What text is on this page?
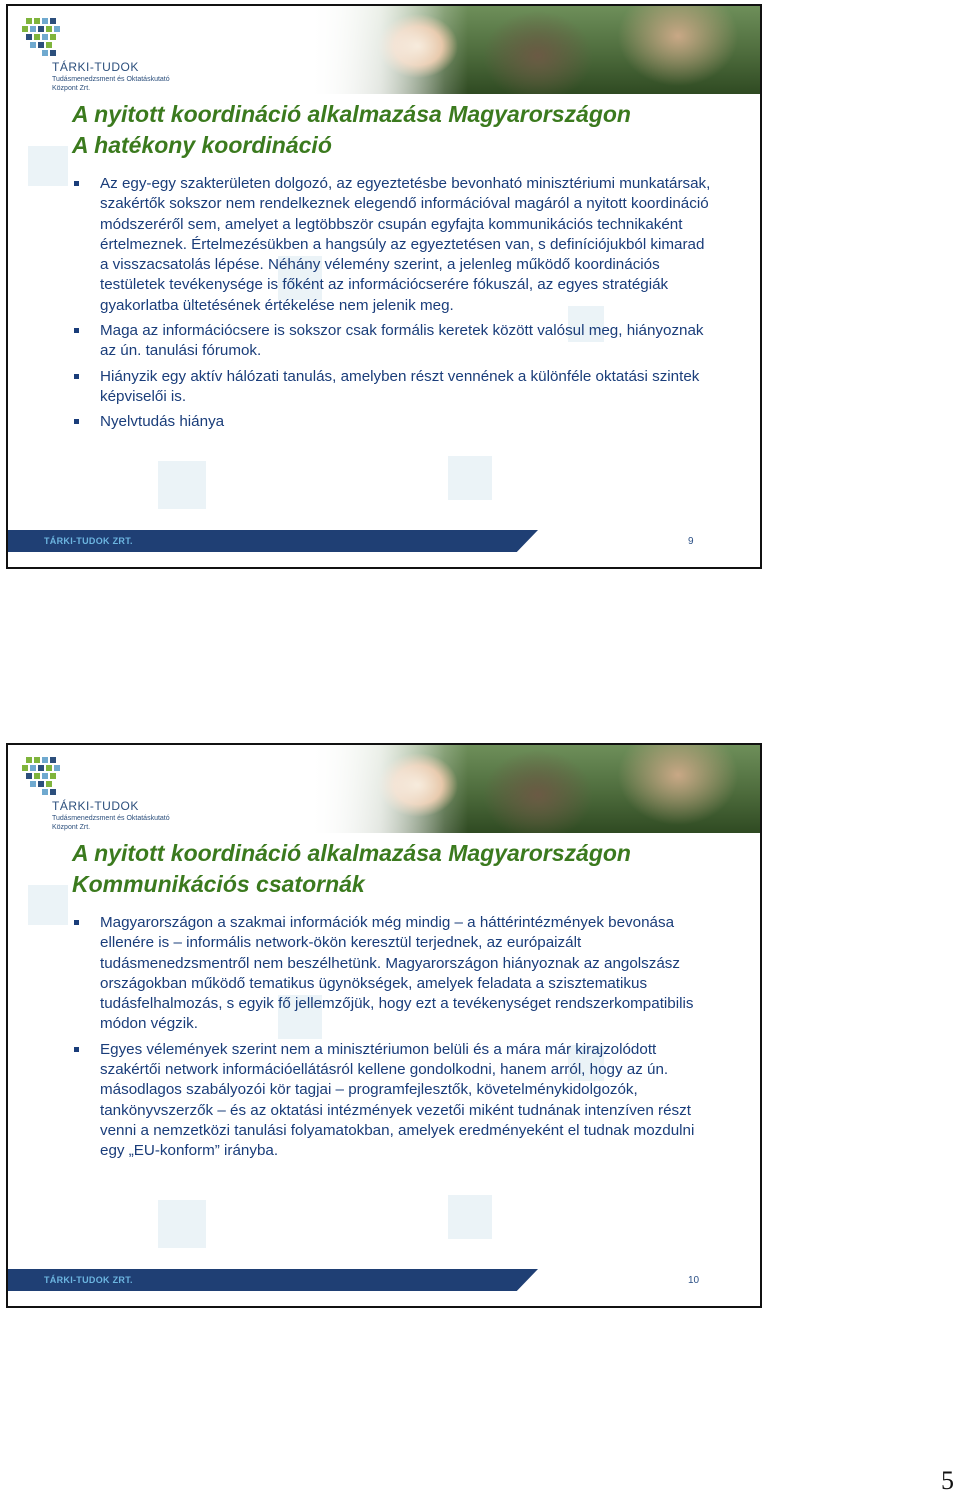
TÁRKI-TUDOK
Tudásmenedzsment és Oktatáskutató Központ Zrt.
A nyitott koordináció alkalmazása Magyarországon
A hatékony koordináció
Az egy-egy szakterületen dolgozó, az egyeztetésbe bevonható minisztériumi munkatársak, szakértők sokszor nem rendelkeznek elegendő információval magáról a nyitott koordináció módszeréről sem, amelyet a legtöbbször csupán egyfajta kommunikációs technikaként értelmeznek. Értelmezésükben a hangsúly az egyeztetésen van, s definíciójukból kimarad a visszacsatolás lépése. Néhány vélemény szerint, a jelenleg működő koordinációs testületek tevékenysége is főként az információcserére fókuszál, az egyes stratégiák gyakorlatba ültetésének értékelése nem jelenik meg.
Maga az információcsere is sokszor csak formális keretek között valósul meg, hiányoznak az ún. tanulási fórumok.
Hiányzik egy aktív hálózati tanulás, amelyben részt vennének a különféle oktatási szintek képviselői is.
Nyelvtudás hiánya
TÁRKI-TUDOK ZRT.	9
TÁRKI-TUDOK
Tudásmenedzsment és Oktatáskutató Központ Zrt.
A nyitott koordináció alkalmazása Magyarországon
Kommunikációs csatornák
Magyarországon a szakmai információk még mindig – a háttérintézmények bevonása ellenére is – informális network-ökön keresztül terjednek, az európaizált tudásmenedzsmentről nem beszélhetünk. Magyarországon hiányoznak az angolszász országokban működő tematikus ügynökségek, amelyek feladata a szisztematikus tudásfelhalmozás, s egyik fő jellemzőjük, hogy ezt a tevékenységet rendszerkompatibilis módon végzik.
Egyes vélemények szerint nem a minisztériumon belüli és a mára már kirajzolódott szakértői network információellátásról kellene gondolkodni, hanem arról, hogy az ún. másodlagos szabályozói kör tagjai – programfejlesztők, követelménykidolgozók, tankönyvszerzők – és az oktatási intézmények vezetői miként tudnának intenzíven részt venni a nemzetközi tanulási folyamatokban, amelyek eredményeként el tudnak mozdulni egy „EU-konform” irányba.
TÁRKI-TUDOK ZRT.	10
5
